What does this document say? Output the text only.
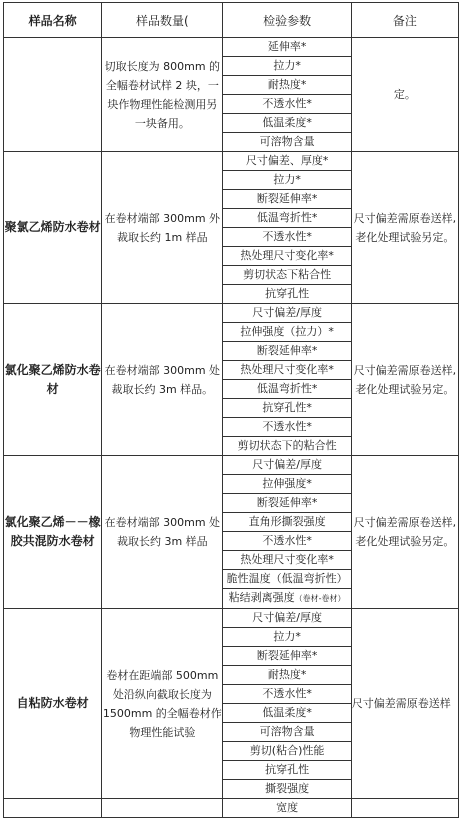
样品名称	样品数量(	检验参数	备注
	切取长度为 800mm 的全幅卷材试样 2 块，一块作物理性能检测用另一块备用。	延伸率*	定。
		拉力*	
		耐热度*	
		不透水性*	
		低温柔度*	
		可溶物含量	
聚氯乙烯防水卷材	在卷材端部 300mm 外裁取长约 1m 样品	尺寸偏差、厚度*	尺寸偏差需原卷送样,老化处理试验另定。
		拉力*	
		断裂延伸率*	
		低温弯折性*	
		不透水性*	
		热处理尺寸变化率*	
		剪切状态下粘合性	
		抗穿孔性	
氯化聚乙烯防水卷材	在卷材端部 300mm 处裁取长约 3m 样品。	尺寸偏差/厚度	尺寸偏差需原卷送样,老化处理试验另定。
		拉伸强度（拉力）*	
		断裂延伸率*	
		热处理尺寸变化率*	
		低温弯折性*	
		抗穿孔性*	
		不透水性*	
		剪切状态下的粘合性	
氯化聚乙烯－－橡胶共混防水卷材	在卷材端部 300mm 处裁取长约 3m 样品	尺寸偏差/厚度	尺寸偏差需原卷送样,老化处理试验另定。
		拉伸强度*	
		断裂延伸率*	
		直角形撕裂强度	
		不透水性*	
		热处理尺寸变化率*	
		脆性温度（低温弯折性）	
		粘结剥离强度（卷材-卷材）	
自粘防水卷材	卷材在距端部 500mm 处沿纵向截取长度为 1500mm 的全幅卷材作物理性能试验	尺寸偏差/厚度	尺寸偏差需原卷送样
		拉力*	
		断裂延伸率*	
		耐热度*	
		不透水性*	
		低温柔度*	
		可溶物含量	
		剪切(粘合)性能	
		抗穿孔性	
		撕裂强度	
		宽度	
